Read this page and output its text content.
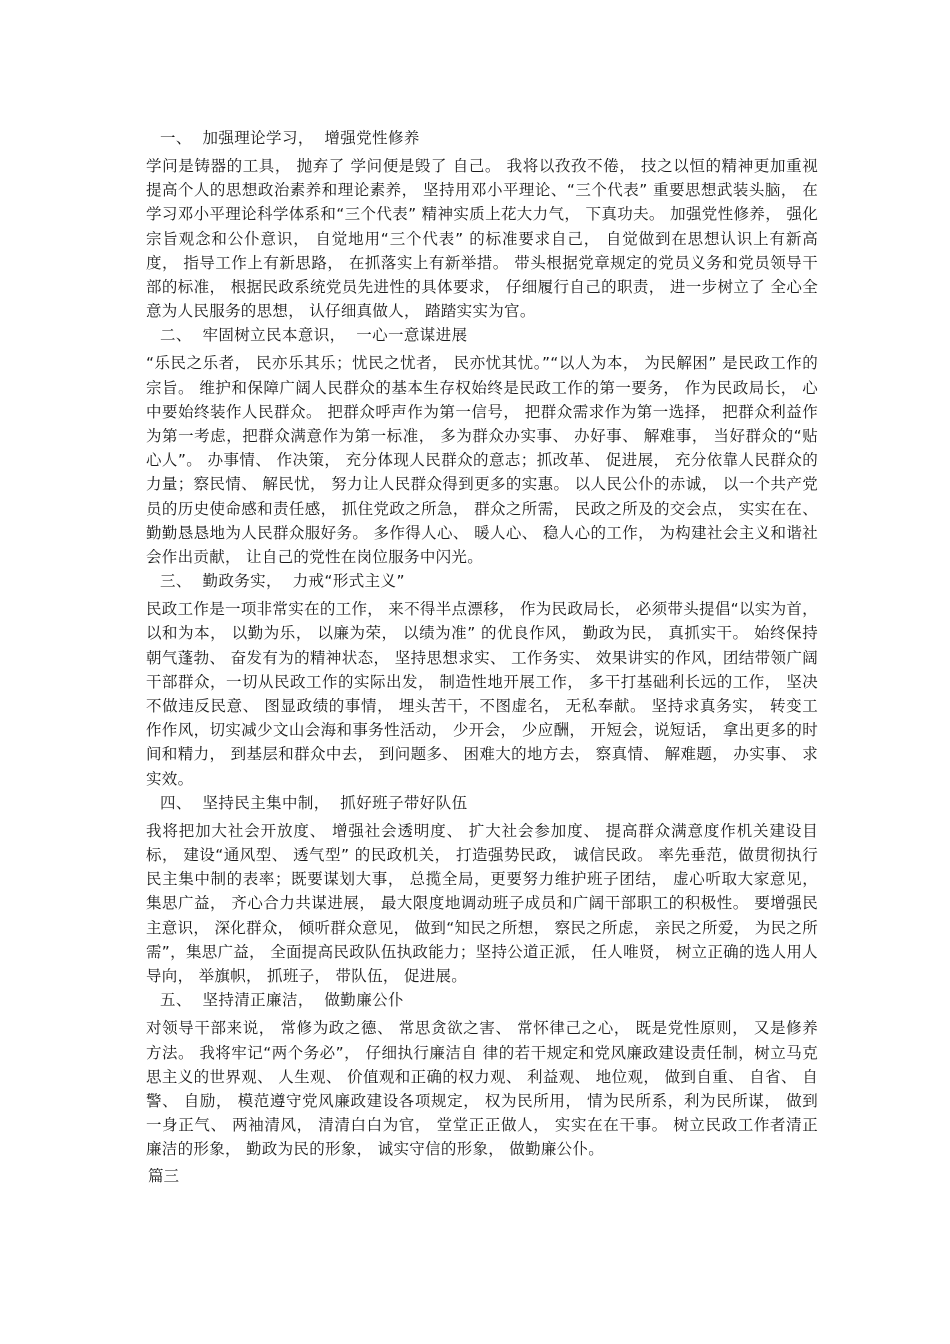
一、  加强理论学习，  增强党性修养
学问是铸器的工具， 抛弃了 学问便是毁了 自己。 我将以孜孜不倦， 技之以恒的精神更加重视提高个人的思想政治素养和理论素养， 坚持用邓小平理论、“三个代表” 重要思想武装头脑， 在学习邓小平理论科学体系和“三个代表” 精神实质上花大力气， 下真功夫。 加强党性修养， 强化宗旨观念和公仆意识， 自觉地用“三个代表” 的标准要求自己， 自觉做到在思想认识上有新高度， 指导工作上有新思路， 在抓落实上有新举措。 带头根据党章规定的党员义务和党员领导干部的标准， 根据民政系统党员先进性的具体要求， 仔细履行自己的职责， 进一步树立了 全心全意为人民服务的思想， 认仔细真做人， 踏踏实实为官。
二、  牢固树立民本意识，  一心一意谋进展
“乐民之乐者， 民亦乐其乐；忧民之忧者， 民亦忧其忧。”“以人为本， 为民解困” 是民政工作的宗旨。 维护和保障广阔人民群众的基本生存权始终是民政工作的第一要务， 作为民政局长， 心中要始终装作人民群众。 把群众呼声作为第一信号， 把群众需求作为第一选择， 把群众利益作为第一考虑，把群众满意作为第一标准， 多为群众办实事、 办好事、 解难事， 当好群众的“贴心人”。 办事情、 作决策， 充分体现人民群众的意志；抓改革、 促进展， 充分依靠人民群众的力量；察民情、 解民忧， 努力让人民群众得到更多的实惠。 以人民公仆的赤诚， 以一个共产党员的历史使命感和责任感， 抓住党政之所急， 群众之所需， 民政之所及的交会点， 实实在在、勤勤恳恳地为人民群众服好务。 多作得人心、 暖人心、 稳人心的工作， 为构建社会主义和谐社会作出贡献， 让自己的党性在岗位服务中闪光。
三、  勤政务实，  力戒“形式主义”
民政工作是一项非常实在的工作， 来不得半点漂移， 作为民政局长， 必须带头提倡“以实为首， 以和为本， 以勤为乐， 以廉为荣， 以绩为准” 的优良作风， 勤政为民， 真抓实干。 始终保持朝气蓬勃、 奋发有为的精神状态， 坚持思想求实、 工作务实、 效果讲实的作风，团结带领广阔干部群众，一切从民政工作的实际出发， 制造性地开展工作， 多干打基础利长远的工作， 坚决不做违反民意、 图显政绩的事情， 埋头苦干，不图虚名， 无私奉献。 坚持求真务实， 转变工作作风，切实减少文山会海和事务性活动， 少开会， 少应酬， 开短会，说短话， 拿出更多的时间和精力， 到基层和群众中去， 到问题多、 困难大的地方去， 察真情、 解难题， 办实事、 求实效。
四、  坚持民主集中制，  抓好班子带好队伍
我将把加大社会开放度、 增强社会透明度、 扩大社会参加度、 提高群众满意度作机关建设目 标， 建设“通风型、 透气型” 的民政机关， 打造强势民政， 诚信民政。 率先垂范，做贯彻执行民主集中制的表率；既要谋划大事， 总揽全局，更要努力维护班子团结， 虚心听取大家意见， 集思广益， 齐心合力共谋进展， 最大限度地调动班子成员和广阔干部职工的积极性。 要增强民主意识， 深化群众， 倾听群众意见， 做到“知民之所想， 察民之所虑， 亲民之所爱， 为民之所需”，集思广益， 全面提高民政队伍执政能力；坚持公道正派， 任人唯贤， 树立正确的选人用人导向， 举旗帜， 抓班子， 带队伍， 促进展。
五、  坚持清正廉洁，  做勤廉公仆
对领导干部来说， 常修为政之德、 常思贪欲之害、 常怀律己之心， 既是党性原则， 又是修养方法。 我将牢记“两个务必”， 仔细执行廉洁自 律的若干规定和党风廉政建设责任制，树立马克思主义的世界观、 人生观、 价值观和正确的权力观、 利益观、 地位观， 做到自重、 自省、 自警、 自励， 模范遵守党风廉政建设各项规定， 权为民所用， 情为民所系，利为民所谋， 做到一身正气、 两袖清风， 清清白白为官， 堂堂正正做人， 实实在在干事。 树立民政工作者清正廉洁的形象， 勤政为民的形象， 诚实守信的形象， 做勤廉公仆。
篇三
